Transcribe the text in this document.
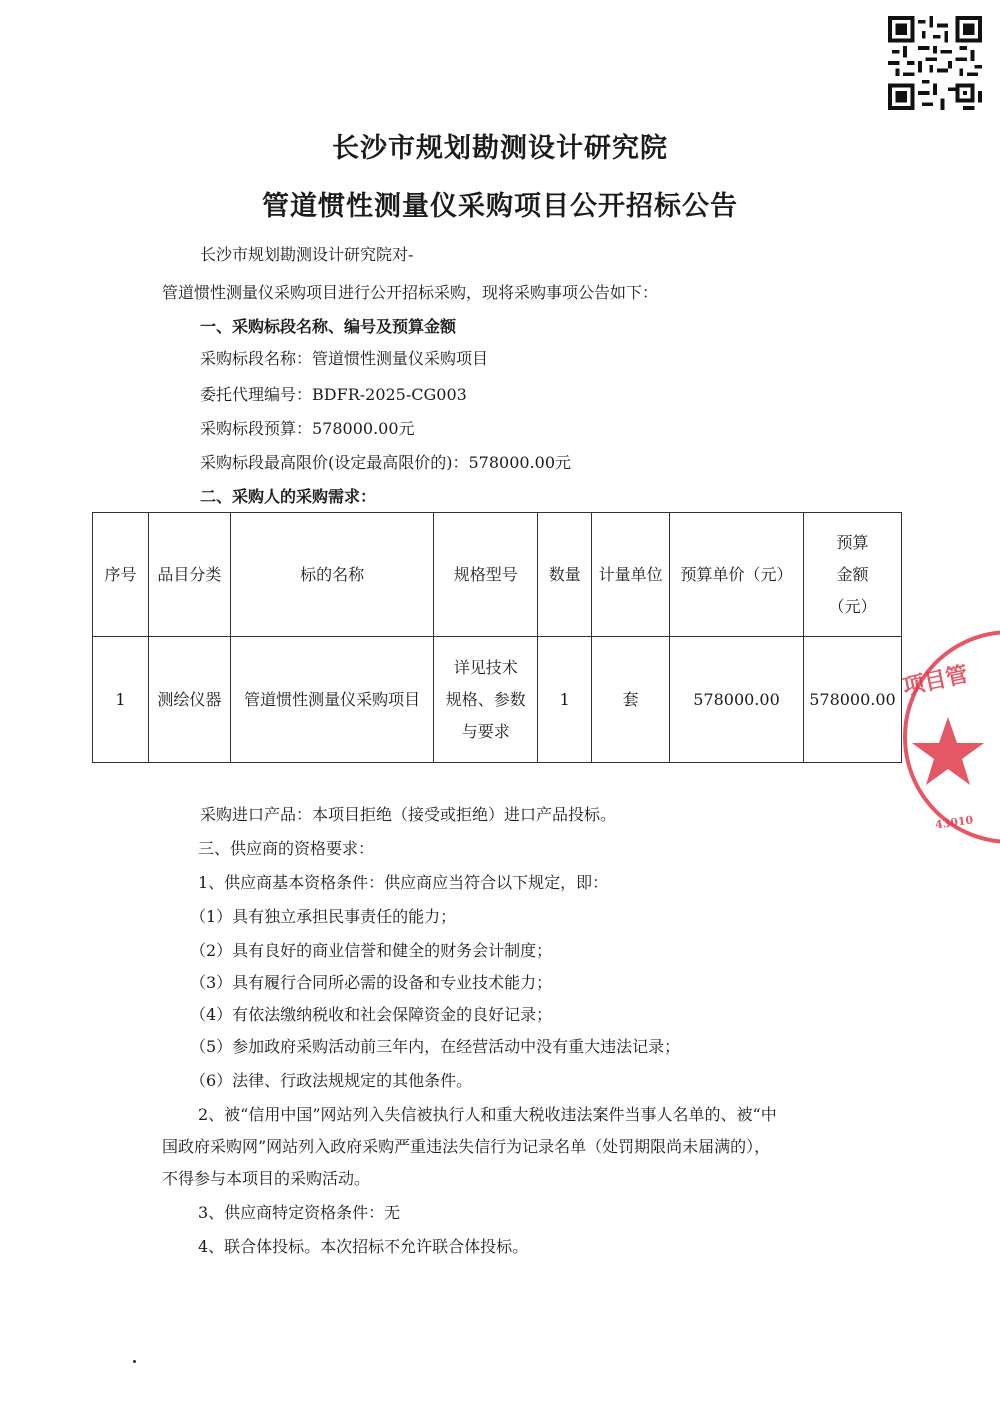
长沙市规划勘测设计研究院
管道惯性测量仪采购项目公开招标公告
长沙市规划勘测设计研究院对-
管道惯性测量仪采购项目进行公开招标采购，现将采购事项公告如下：
一、采购标段名称、编号及预算金额
采购标段名称：管道惯性测量仪采购项目
委托代理编号：BDFR-2025-CG003
采购标段预算：578000.00元
采购标段最高限价(设定最高限价的)：578000.00元
二、采购人的采购需求：
序号	品目分类	标的名称	规格型号	数量	计量单位	预算单价（元）	预算
金额
（元）

1	测绘仪器	管道惯性测量仪采购项目	详见技术
规格、参数
与要求	1	套	578000.00	578000.00 项目管
43010
采购进口产品：本项目拒绝（接受或拒绝）进口产品投标。
三、供应商的资格要求：
1、供应商基本资格条件：供应商应当符合以下规定，即：
（1）具有独立承担民事责任的能力；
（2）具有良好的商业信誉和健全的财务会计制度；
（3）具有履行合同所必需的设备和专业技术能力；
（4）有依法缴纳税收和社会保障资金的良好记录；
（5）参加政府采购活动前三年内，在经营活动中没有重大违法记录；
（6）法律、行政法规规定的其他条件。
2、被“信用中国”网站列入失信被执行人和重大税收违法案件当事人名单的、被“中
国政府采购网”网站列入政府采购严重违法失信行为记录名单（处罚期限尚未届满的），
不得参与本项目的采购活动。
3、供应商特定资格条件：无
4、联合体投标。本次招标不允许联合体投标。
